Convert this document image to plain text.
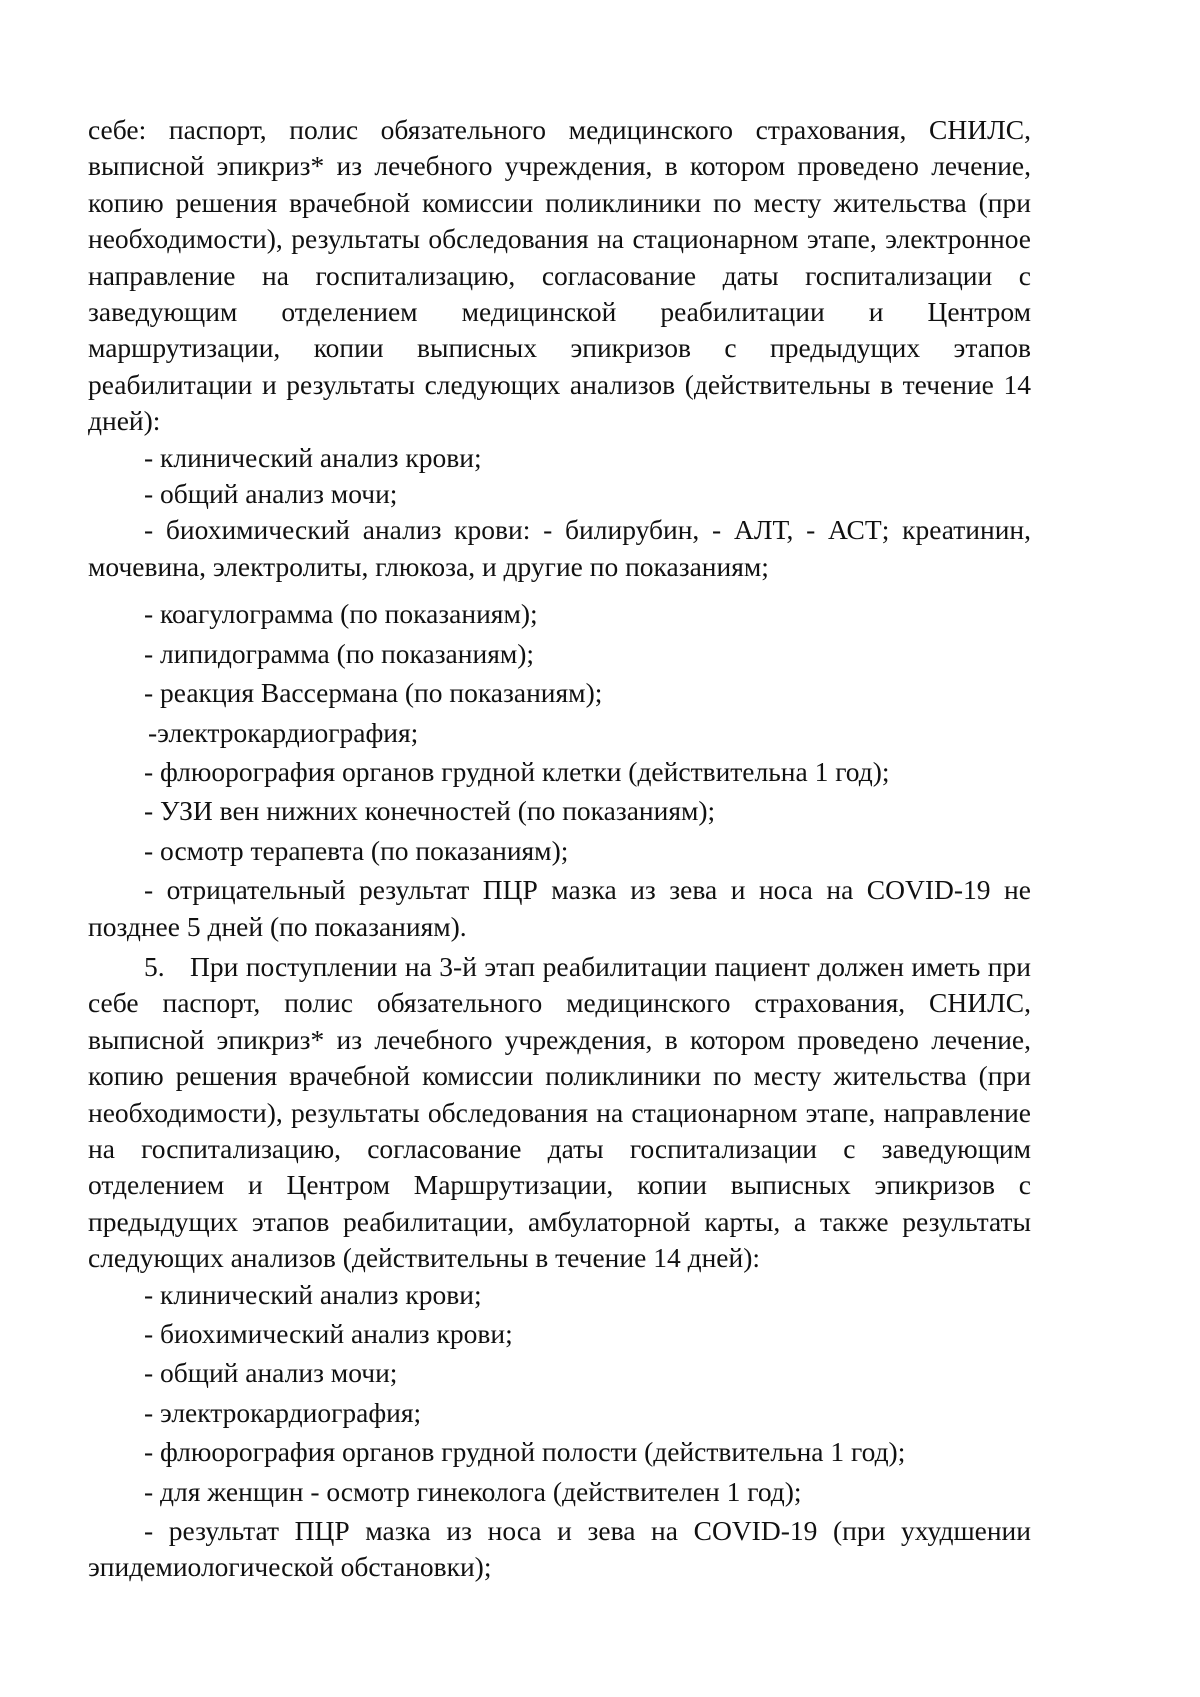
себе: паспорт, полис обязательного медицинского страхования, СНИЛС, выписной эпикриз* из лечебного учреждения, в котором проведено лечение, копию решения врачебной комиссии поликлиники по месту жительства (при необходимости), результаты обследования на стационарном этапе, электронное направление на госпитализацию, согласование даты госпитализации с заведующим отделением медицинской реабилитации и Центром маршрутизации, копии выписных эпикризов с предыдущих этапов реабилитации и результаты следующих анализов (действительны в течение 14 дней):

- клинический анализ крови;

- общий анализ мочи;

- биохимический анализ крови: - билирубин, - АЛТ, - АСТ; креатинин, мочевина, электролиты, глюкоза, и другие по показаниям;

- коагулограмма (по показаниям);

- липидограмма (по показаниям);

- реакция Вассермана (по показаниям);

-электрокардиография;

- флюорография органов грудной клетки (действительна 1 год);

- УЗИ вен нижних конечностей (по показаниям);

- осмотр терапевта (по показаниям);

- отрицательный результат ПЦР мазка из зева и носа на COVID-19 не позднее 5 дней (по показаниям).

5. При поступлении на 3-й этап реабилитации пациент должен иметь при себе паспорт, полис обязательного медицинского страхования, СНИЛС, выписной эпикриз* из лечебного учреждения, в котором проведено лечение, копию решения врачебной комиссии поликлиники по месту жительства (при необходимости), результаты обследования на стационарном этапе, направление на госпитализацию, согласование даты госпитализации с заведующим отделением и Центром Маршрутизации, копии выписных эпикризов с предыдущих этапов реабилитации, амбулаторной карты, а также результаты следующих анализов (действительны в течение 14 дней):

- клинический анализ крови;

- биохимический анализ крови;

- общий анализ мочи;

- электрокардиография;

- флюорография органов грудной полости (действительна 1 год);

- для женщин - осмотр гинеколога (действителен 1 год);

- результат ПЦР мазка из носа и зева на COVID-19 (при ухудшении эпидемиологической обстановки);
